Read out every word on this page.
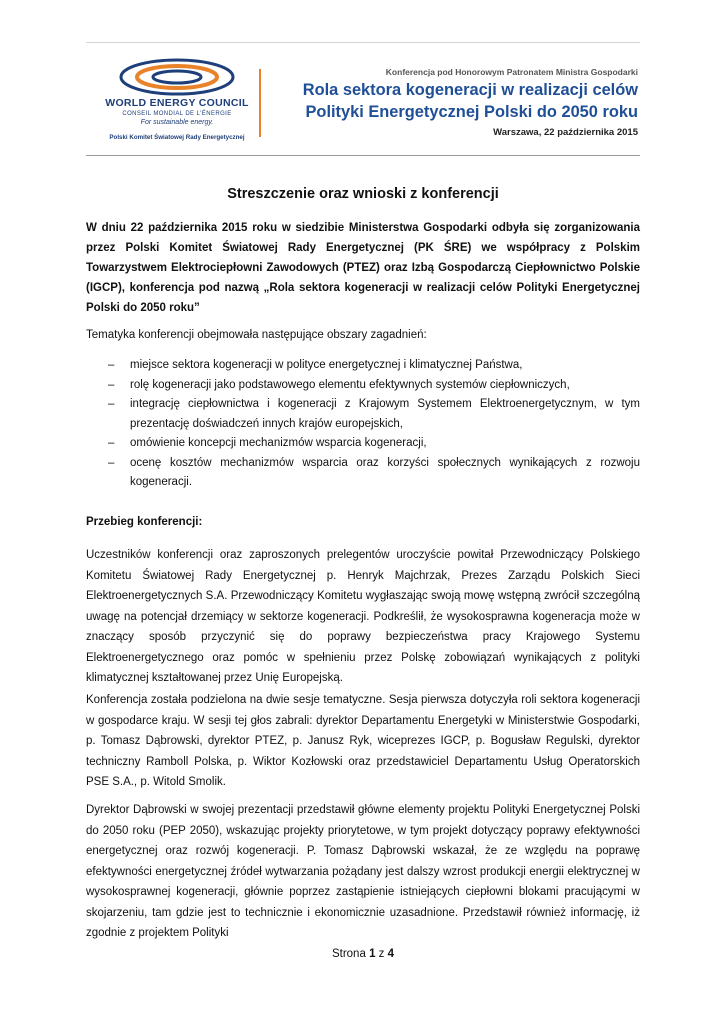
WORLD ENERGY COUNCIL
CONSEIL MONDIAL DE L'ÉNERGIE
For sustainable energy.
Polski Komitet Światowej Rady Energetycznej
Konferencja pod Honorowym Patronatem Ministra Gospodarki
Rola sektora kogeneracji w realizacji celów Polityki Energetycznej Polski do 2050 roku
Warszawa, 22 października 2015
Streszczenie oraz wnioski z konferencji
W dniu 22 października 2015 roku w siedzibie Ministerstwa Gospodarki odbyła się zorganizowania przez Polski Komitet Światowej Rady Energetycznej (PK ŚRE) we współpracy z Polskim Towarzystwem Elektrociepłowni Zawodowych (PTEZ) oraz Izbą Gospodarczą Ciepłownictwo Polskie (IGCP), konferencja pod nazwą „Rola sektora kogeneracji w realizacji celów Polityki Energetycznej Polski do 2050 roku”
Tematyka konferencji obejmowała następujące obszary zagadnień:
– miejsce sektora kogeneracji w polityce energetycznej i klimatycznej Państwa,
– rolę kogeneracji jako podstawowego elementu efektywnych systemów ciepłowniczych,
– integrację ciepłownictwa i kogeneracji z Krajowym Systemem Elektroenergetycznym, w tym prezentację doświadczeń innych krajów europejskich,
– omówienie koncepcji mechanizmów wsparcia kogeneracji,
– ocenę kosztów mechanizmów wsparcia oraz korzyści społecznych wynikających z rozwoju kogeneracji.
Przebieg konferencji:
Uczestników konferencji oraz zaproszonych prelegentów uroczyście powitał Przewodniczący Polskiego Komitetu Światowej Rady Energetycznej p. Henryk Majchrzak, Prezes Zarządu Polskich Sieci Elektroenergetycznych S.A. Przewodniczący Komitetu wygłaszając swoją mowę wstępną zwrócił szczególną uwagę na potencjał drzemiący w sektorze kogeneracji. Podkreślił, że wysokosprawna kogeneracja może w znaczący sposób przyczynić się do poprawy bezpieczeństwa pracy Krajowego Systemu Elektroenergetycznego oraz pomóc w spełnieniu przez Polskę zobowiązań wynikających z polityki klimatycznej kształtowanej przez Unię Europejską.
Konferencja została podzielona na dwie sesje tematyczne. Sesja pierwsza dotyczyła roli sektora kogeneracji w gospodarce kraju. W sesji tej głos zabrali: dyrektor Departamentu Energetyki w Ministerstwie Gospodarki, p. Tomasz Dąbrowski, dyrektor PTEZ, p. Janusz Ryk, wiceprezes IGCP, p. Bogusław Regulski, dyrektor techniczny Ramboll Polska, p. Wiktor Kozłowski oraz przedstawiciel Departamentu Usług Operatorskich PSE S.A., p. Witold Smolik.
Dyrektor Dąbrowski w swojej prezentacji przedstawił główne elementy projektu Polityki Energetycznej Polski do 2050 roku (PEP 2050), wskazując projekty priorytetowe, w tym projekt dotyczący poprawy efektywności energetycznej oraz rozwój kogeneracji. P. Tomasz Dąbrowski wskazał, że ze względu na poprawę efektywności energetycznej źródeł wytwarzania pożądany jest dalszy wzrost produkcji energii elektrycznej w wysokosprawnej kogeneracji, głównie poprzez zastąpienie istniejących ciepłowni blokami pracującymi w skojarzeniu, tam gdzie jest to technicznie i ekonomicznie uzasadnione. Przedstawił również informację, iż zgodnie z projektem Polityki
Strona 1 z 4
